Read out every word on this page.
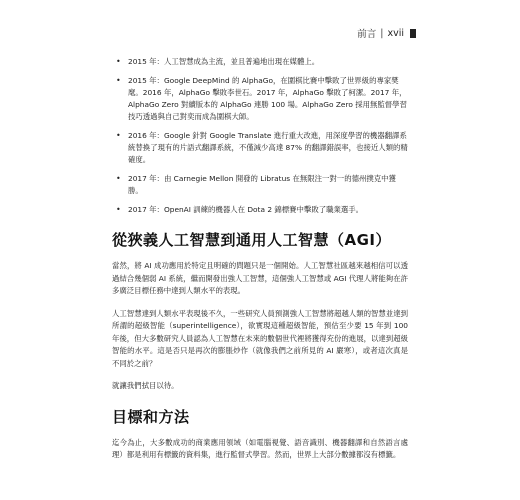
前言 | xvii
• 2015 年：人工智慧成為主流，並且普遍地出現在媒體上。
• 2015 年：Google DeepMind 的 AlphaGo，在圍棋比賽中擊敗了世界級的專家樊麾。2016 年，AlphaGo 擊敗李世石。2017 年，AlphaGo 擊敗了柯潔。2017 年，AlphaGo Zero 對續版本的 AlphaGo 連勝 100 場。AlphaGo Zero 採用無監督學習技巧透過與自己對奕而成為圍棋大師。
• 2016 年：Google 針對 Google Translate 進行重大改進，用深度學習的機器翻譯系統替換了現有的片語式翻譯系統，不僅減少高達 87% 的翻譯錯誤率，也接近人類的精確度。
• 2017 年：由 Carnegie Mellon 開發的 Libratus 在無限注一對一的德州撲克中獲勝。
• 2017 年：OpenAI 訓練的機器人在 Dota 2 錦標賽中擊敗了職業選手。
從狹義人工智慧到通用人工智慧（AGI）

當然，將 AI 成功應用於特定且明確的問題只是一個開始。人工智慧社區越來越相信可以透過結合幾個弱 AI 系統，繼而開發出強人工智慧，這個強人工智慧或 AGI 代理人將能夠在許多廣泛目標任務中達到人類水平的表現。

人工智慧達到人類水平表現後不久，一些研究人員預測強人工智慧將超越人類的智慧並達到所謂的超級智能（superintelligence），欲實現這種超級智能，預估至少要 15 年到 100 年後，但大多數研究人員認為人工智慧在未來的數個世代裡將獲得充份的進展，以達到超級智能的水平。這是否只是再次的膨脹炒作（就像我們之前所見的 AI 嚴寒），或者這次真是不同於之前？

就讓我們拭目以待。

目標和方法

迄今為止，大多數成功的商業應用領域（如電腦視覺、語音識別、機器翻譯和自然語言處理）都是利用有標籤的資料集，進行監督式學習。然而，世界上大部分數據都沒有標籤。
